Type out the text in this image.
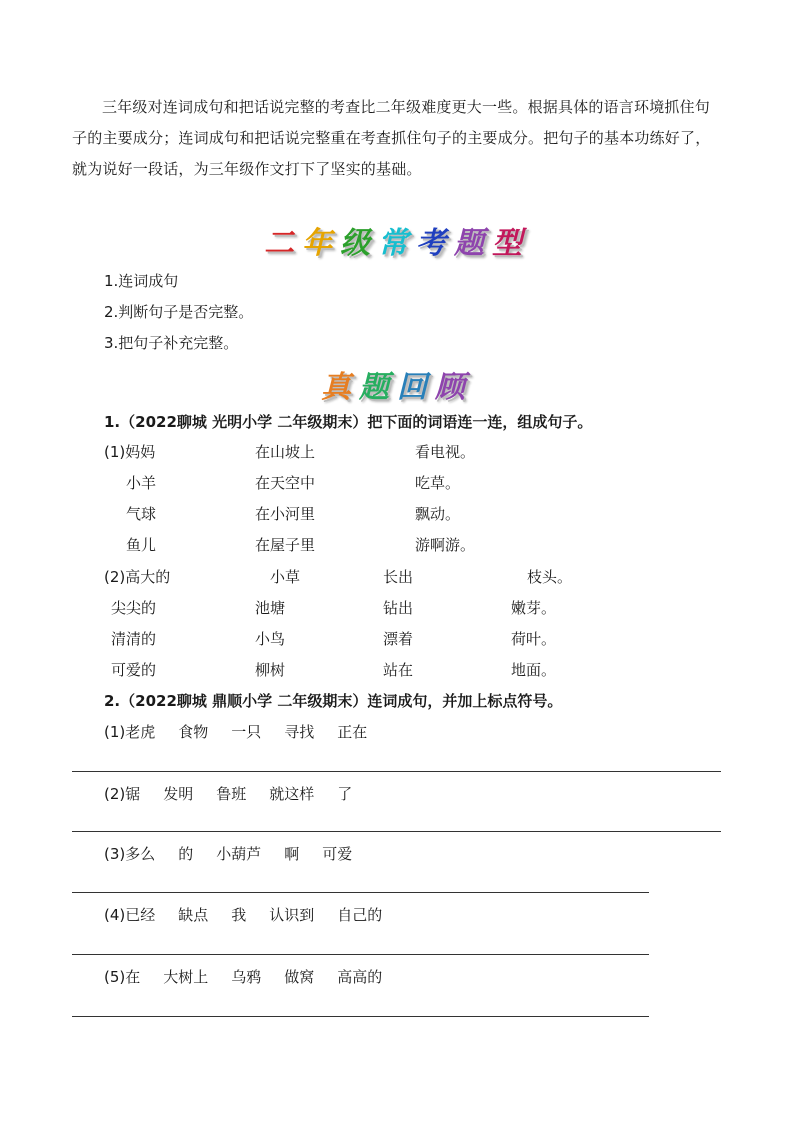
三年级对连词成句和把话说完整的考查比二年级难度更大一些。根据具体的语言环境抓住句子的主要成分；连词成句和把话说完整重在考查抓住句子的主要成分。把句子的基本功练好了，就为说好一段话，为三年级作文打下了坚实的基础。

二年级常考题型
1.连词成句
2.判断句子是否完整。
3.把句子补充完整。
真题回顾
1.（2022聊城 光明小学 二年级期末）把下面的词语连一连，组成句子。
(1)妈妈	在山坡上	看电视。
小羊	在天空中	吃草。
气球	在小河里	飘动。
鱼儿	在屋子里	游啊游。
(2)高大的	小草	长出	枝头。
尖尖的	池塘	钻出	嫩芽。
清清的	小鸟	漂着	荷叶。
可爱的	柳树	站在	地面。
2.（2022聊城 鼎顺小学 二年级期末）连词成句，并加上标点符号。
(1)老虎 食物 一只 寻找 正在
(2)锯 发明 鲁班 就这样 了
(3)多么 的 小葫芦 啊 可爱
(4)已经 缺点 我 认识到 自己的
(5)在 大树上 乌鸦 做窝 高高的
